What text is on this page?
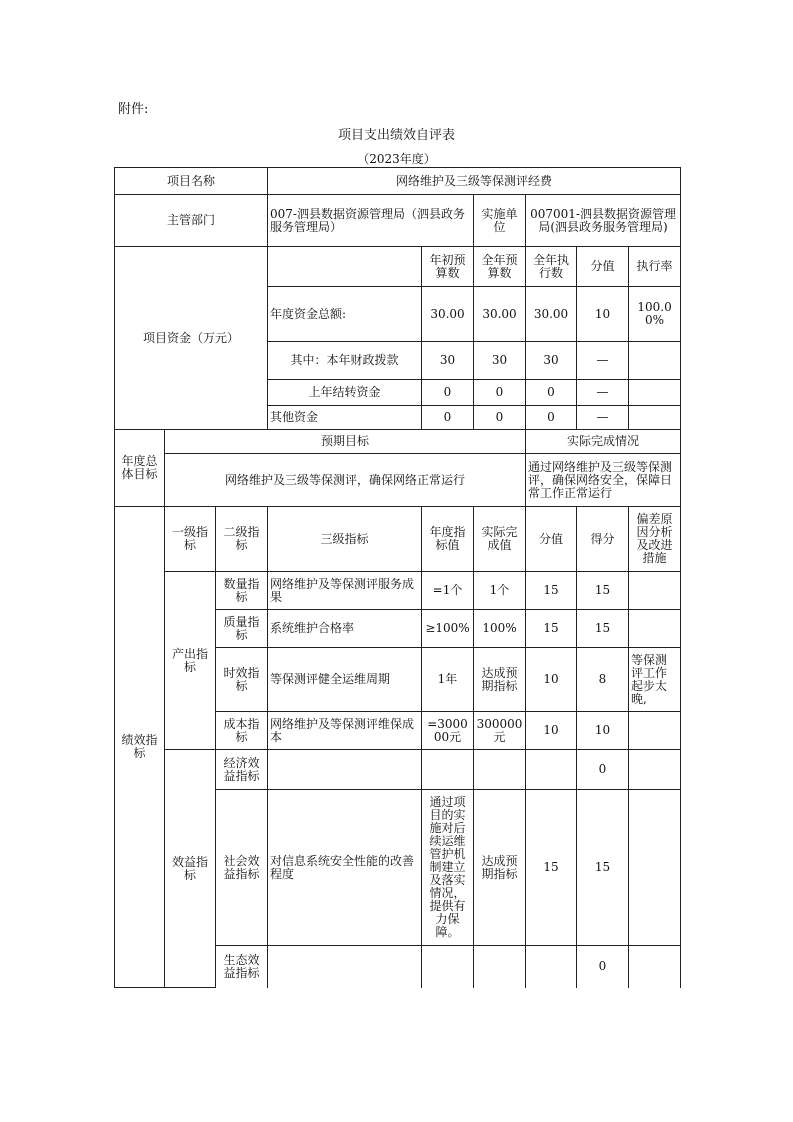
附件:
项目支出绩效自评表
（2023年度）
项目名称			网络维护及三级等保测评经费						
主管部门			007-泗县数据资源管理局（泗县政务服务管理局）		实施单位	007001-泗县数据资源管理局(泗县政务服务管理局)			
项目资金（万元）				年初预算数	全年预算数	全年执行数	分值	执行率	
			年度资金总额:	30.00	30.00	30.00	10	100.00%	
			其中：本年财政拨款	30	30	30	—		
			上年结转资金	0	0	0	—		
			其他资金	0	0	0	—		
年度总体目标	预期目标					实际完成情况			
	网络维护及三级等保测评，确保网络正常运行					通过网络维护及三级等保测评，确保网络安全，保障日常工作正常运行			
绩效指标	一级指标	二级指标	三级指标	年度指标值	实际完成值	分值	得分	偏差原因分析及改进措施	
	产出指标	数量指标	网络维护及等保测评服务成果	=1个	1个	15	15		
		质量指标	系统维护合格率	≥100%	100%	15	15		
		时效指标	等保测评健全运维周期	1年	达成预期指标	10	8	等保测评工作起步太晚,	
		成本指标	网络维护及等保测评维保成本	=300000元	300000元	10	10		
	效益指标	经济效益指标					0		
		社会效益指标	对信息系统安全性能的改善程度	通过项目的实施对后续运维管护机制建立及落实情况，提供有力保障。	达成预期指标	15	15		
		生态效益指标					0		
